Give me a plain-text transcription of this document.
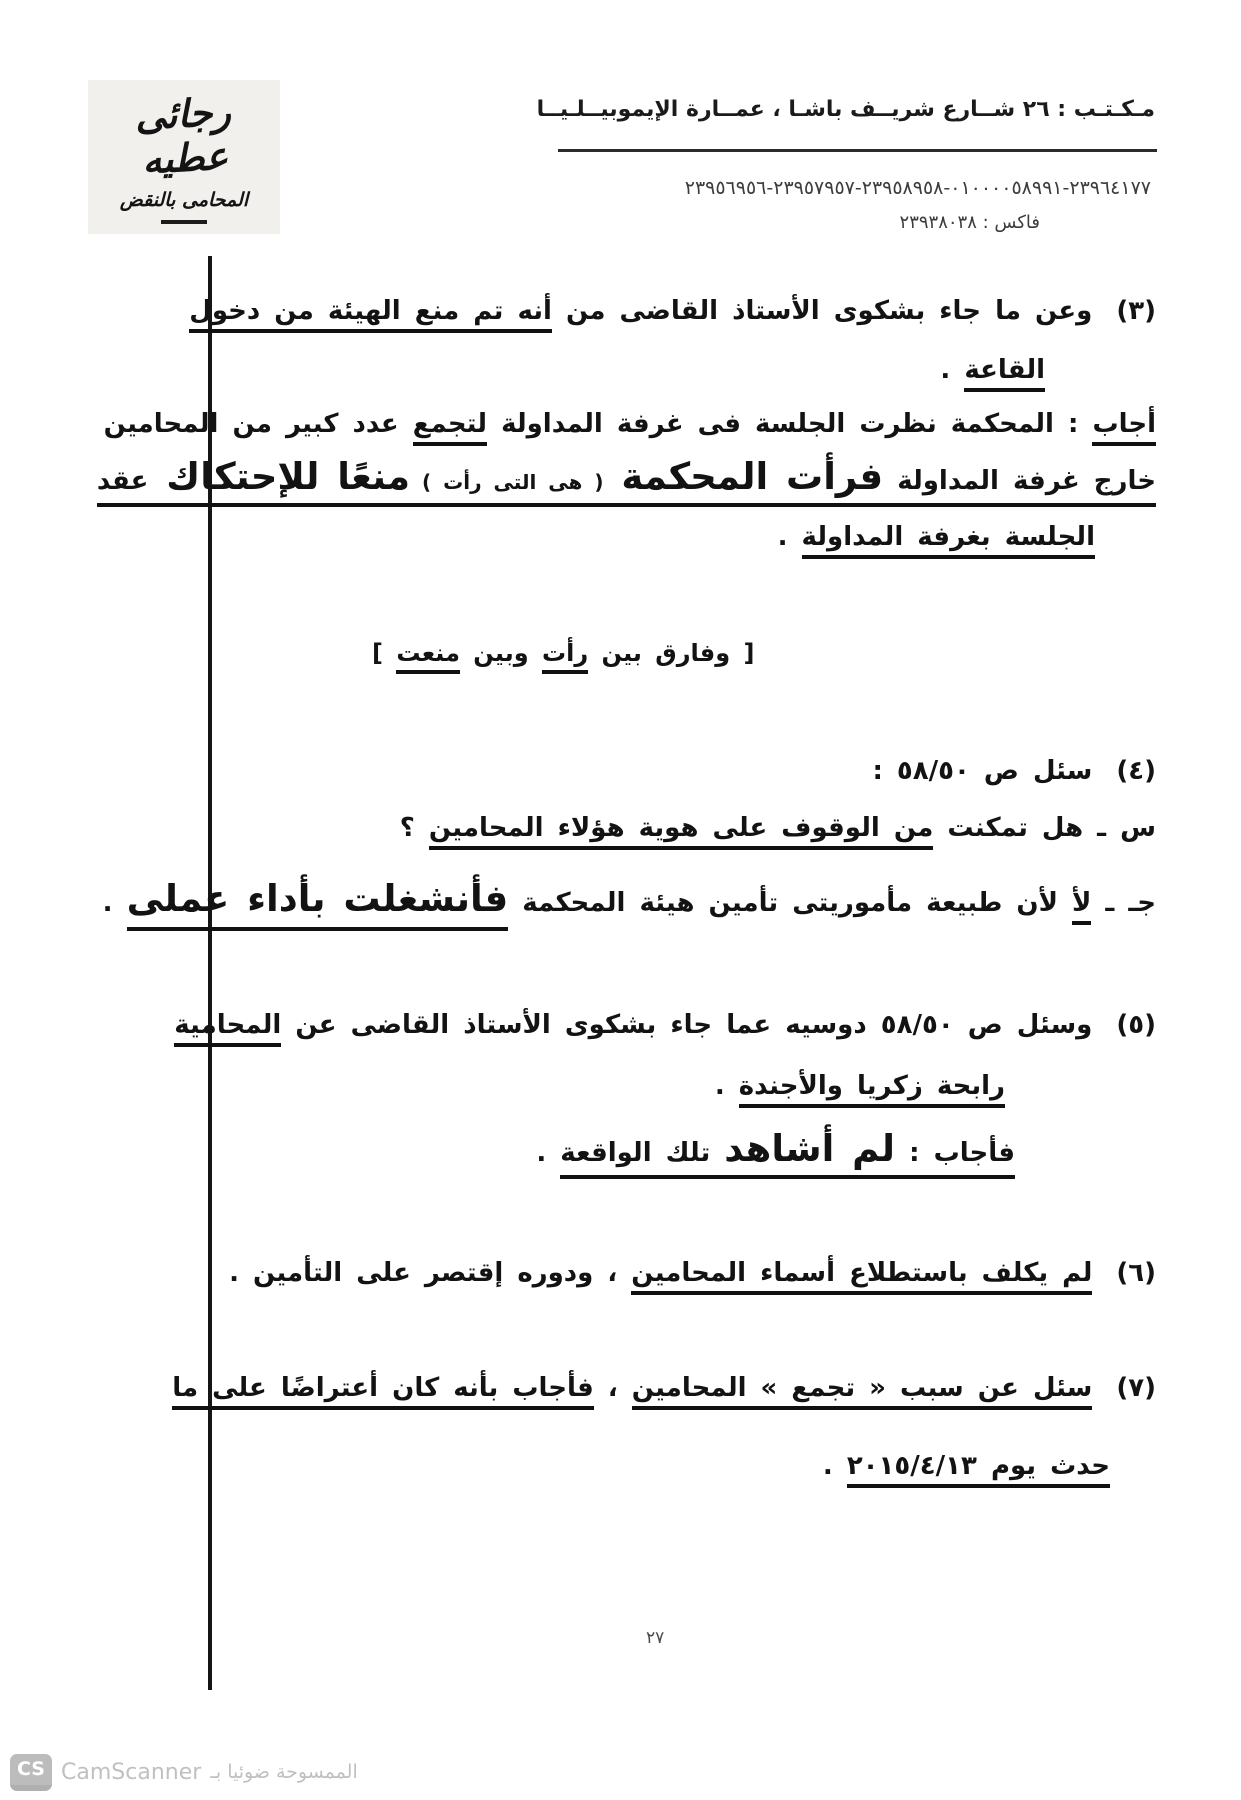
رجائى عطيه
المحامى بالنقض
مـكـتـب : ٢٦ شــارع شريــف باشـا ، عمــارة الإيموبيــلـيــا
٢٣٩٦٤١٧٧-٠١٠٠٠٠٥٨٩٩١-٢٣٩٥٨٩٥٨-٢٣٩٥٧٩٥٧-٢٣٩٥٦٩٥٦
فاكس : ٢٣٩٣٨٠٣٨

(٣)وعن ما جاء بشكوى الأستاذ القاضى من أنه تم منع الهيئة من دخول

القاعة .

أجاب : المحكمة نظرت الجلسة فى غرفة المداولة لتجمع عدد كبير من المحامين

خارج غرفة المداولة فرأت المحكمة ( هى التى رأت ) منعًا للإحتكاك عقد

الجلسة بغرفة المداولة .

[ وفارق بين رأت وبين منعت ]

(٤)سئل ص ٥٨/٥٠ :

س ـ هل تمكنت من الوقوف على هوية هؤلاء المحامين ؟

جـ ـ لأ لأن طبيعة مأموريتى تأمين هيئة المحكمة فأنشغلت بأداء عملى .

(٥)وسئل ص ٥٨/٥٠ دوسيه عما جاء بشكوى الأستاذ القاضى عن المحامية

رابحة زكريا والأجندة .

فأجاب : لم أشاهد تلك الواقعة .

(٦)لم يكلف باستطلاع أسماء المحامين ، ودوره إقتصر على التأمين .

(٧)سئل عن سبب « تجمع » المحامين ، فأجاب بأنه كان أعتراضًا على ما

حدث يوم ٢٠١٥/٤/١٣ .

٢٧
CS CamScanner الممسوحة ضوئيا بـ
